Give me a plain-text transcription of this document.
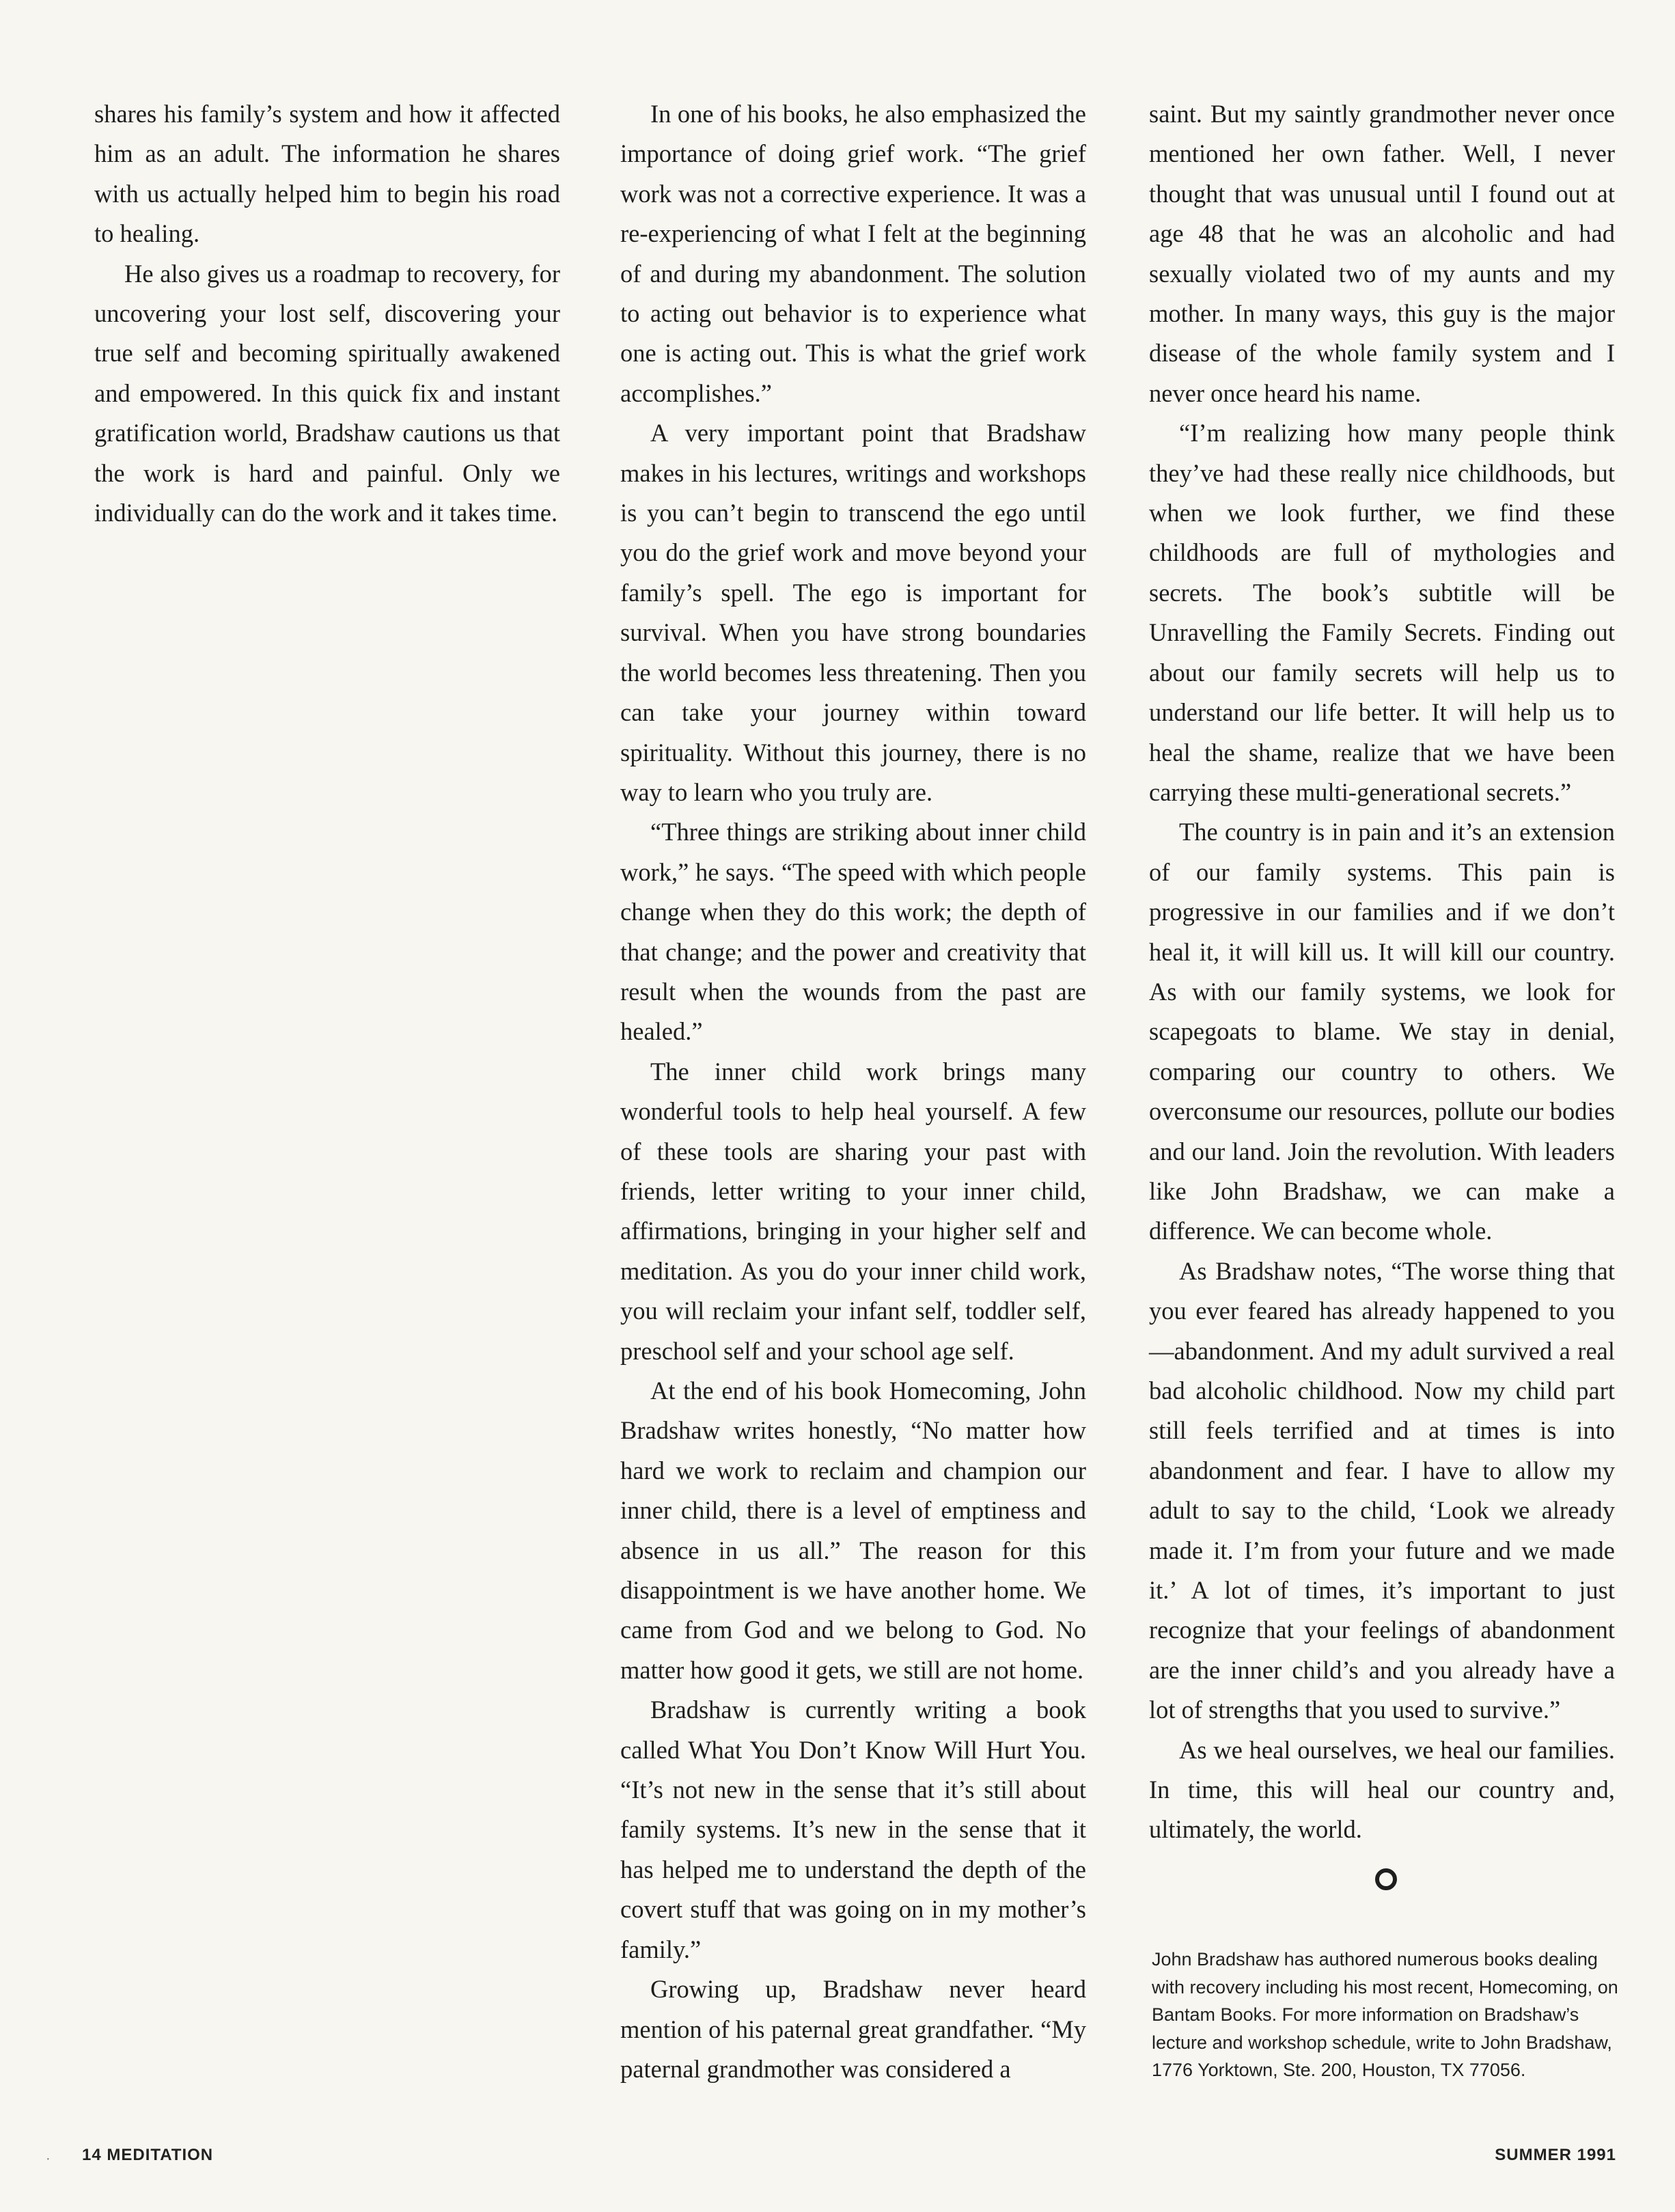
shares his family’s system and how it affected him as an adult. The information he shares with us actually helped him to begin his road to healing.

He also gives us a roadmap to recovery, for uncovering your lost self, discovering your true self and becoming spiritually awakened and empowered. In this quick fix and instant gratification world, Bradshaw cautions us that the work is hard and painful. Only we individually can do the work and it takes time.

In one of his books, he also emphasized the importance of doing grief work. “The grief work was not a corrective experience. It was a re-experiencing of what I felt at the beginning of and during my abandonment. The solution to acting out behavior is to experience what one is acting out. This is what the grief work accomplishes.”

A very important point that Bradshaw makes in his lectures, writings and workshops is you can’t begin to transcend the ego until you do the grief work and move beyond your family’s spell. The ego is important for survival. When you have strong boundaries the world becomes less threatening. Then you can take your journey within toward spirituality. Without this journey, there is no way to learn who you truly are.

“Three things are striking about inner child work,” he says. “The speed with which people change when they do this work; the depth of that change; and the power and creativity that result when the wounds from the past are healed.”

The inner child work brings many wonderful tools to help heal yourself. A few of these tools are sharing your past with friends, letter writing to your inner child, affirmations, bringing in your higher self and meditation. As you do your inner child work, you will reclaim your infant self, toddler self, preschool self and your school age self.

At the end of his book Homecoming, John Bradshaw writes honestly, “No matter how hard we work to reclaim and champion our inner child, there is a level of emptiness and absence in us all.” The reason for this disappointment is we have another home. We came from God and we belong to God. No matter how good it gets, we still are not home.

Bradshaw is currently writing a book called What You Don’t Know Will Hurt You. “It’s not new in the sense that it’s still about family systems. It’s new in the sense that it has helped me to understand the depth of the covert stuff that was going on in my mother’s family.”

Growing up, Bradshaw never heard mention of his paternal great grandfather. “My paternal grandmother was considered a

saint. But my saintly grandmother never once mentioned her own father. Well, I never thought that was unusual until I found out at age 48 that he was an alcoholic and had sexually violated two of my aunts and my mother. In many ways, this guy is the major disease of the whole family system and I never once heard his name.

“I’m realizing how many people think they’ve had these really nice childhoods, but when we look further, we find these childhoods are full of mythologies and secrets. The book’s subtitle will be Unravelling the Family Secrets. Finding out about our family secrets will help us to understand our life better. It will help us to heal the shame, realize that we have been carrying these multi-generational secrets.”

The country is in pain and it’s an extension of our family systems. This pain is progressive in our families and if we don’t heal it, it will kill us. It will kill our country. As with our family systems, we look for scapegoats to blame. We stay in denial, comparing our country to others. We overconsume our resources, pollute our bodies and our land. Join the revolution. With leaders like John Bradshaw, we can make a difference. We can become whole.

As Bradshaw notes, “The worse thing that you ever feared has already happened to you—abandonment. And my adult survived a real bad alcoholic childhood. Now my child part still feels terrified and at times is into abandonment and fear. I have to allow my adult to say to the child, ‘Look we already made it. I’m from your future and we made it.’ A lot of times, it’s important to just recognize that your feelings of abandonment are the inner child’s and you already have a lot of strengths that you used to survive.”

As we heal ourselves, we heal our families. In time, this will heal our country and, ultimately, the world.

John Bradshaw has authored numerous books dealing with recovery including his most recent, Homecoming, on Bantam Books. For more information on Bradshaw’s lecture and workshop schedule, write to John Bradshaw, 1776 Yorktown, Ste. 200, Houston, TX 77056.

· 14 MEDITATION	SUMMER 1991
